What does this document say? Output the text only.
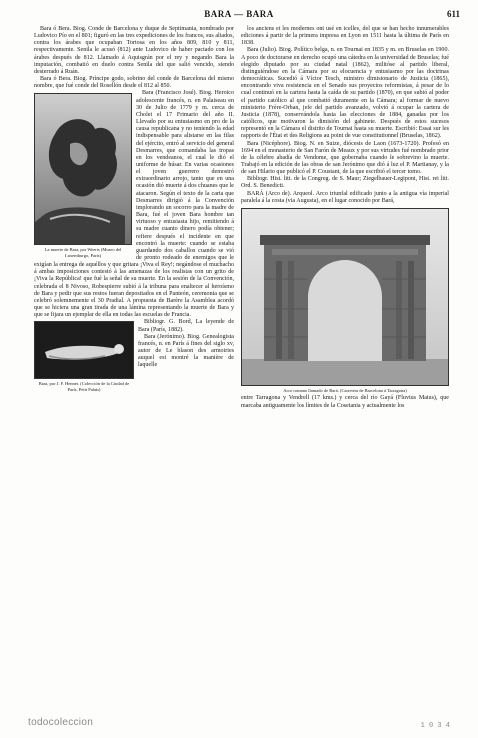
BARA — BARA	611

Bara ó Bera. Biog. Conde de Barcelona y duque de Septimania, nombrado por Ludovico Pío en el 801; figuró en las tres expediciones de los francos, sus aliados, contra los árabes que ocupaban Tortosa en los años 809, 810 y 811, respectivamente. Senila le acusó (812) ante Ludovico de haber pactado con los árabes después de 812. Llamado á Aquisgrán por el rey y negando Bara la imputación, combatió en duelo contra Senila del que salió vencido, siendo desterrado á Ruán.

Bara ó Bera. Biog. Príncipe godo, sobrino del conde de Barcelona del mismo nombre, que fué conde del Rosellón desde el 812 al 850.

La muerte de Bara, por Weerts (Museo del Luxemburgo, París)

Bara (Francisco José). Biog. Heroico adolescente francés, n. en Palaiseau en 30 de Julio de 1779 y m. cerca de Cholet el 17 Frimario del año II. Llevado por su entusiasmo en pro de la causa republicana y no teniendo la edad indispensable para alistarse en las filas del ejército, entró al servicio del general Desmarres, que comandaba las tropas en los vendeanos, el cual le dió el uniforme de húsar. En varias ocasiones el joven guerrero demostró extraordinario arrojo, tanto que en una ocasión dió muerte á dos chuanes que le atacaron. Según el texto de la carta que Desmarres dirigió á la Convención implorando un socorro para la madre de Bara, fué el joven Bara hombre tan virtuoso y entusiasta hijo, remitiendo á su madre cuanto dinero podía obtener; refiere después el incidente en que encontró la muerte: cuando se estaba guardando dos caballos cuando se vió de pronto rodeado de enemigos que le exigían la entrega de aquéllos y que gritara ¡Viva el Rey!; negándose el muchacho á ambas imposiciones contestó á las amenazas de los realistas con un grito de ¡Viva la República! que fué la señal de su muerte. En la sesión de la Convención, celebrada el 8 Nivoso, Robespierre subió á la tribuna para enaltecer al heroísmo de Bara y pedir que sus restos fueran depositados en el Panteón, ceremonia que se celebró solemnemente el 30 Pradial. A propuesta de Barère la Asamblea acordó que se hiciera una gran tirada de una lámina representando la muerte de Bara y que se fijara un ejemplar de ella en todas las escuelas de Francia.

Bara, por J. F. Hennet. (Colección de la Ciudad de París. Petit Palais)

Bibliogr. G. Bord, La leyende de Bara (París, 1882).

Bara (Jerónimo). Biog. Genealogista francés, n. en París á fines del siglo xv, autor de Le blason des armoiries auquel est montré la manière de laquelle

los anciens et les modernes ont usé en icelles, del que se han hecho innumerables ediciones á partir de la primera impresa en Lyon en 1511 hasta la última de París en 1838.

Bara (Julio). Biog. Político belga, n. en Tournai en 1835 y m. en Bruselas en 1900. A poco de doctorarse en derecho ocupó una cátedra en la universidad de Bruselas; fué elegido diputado por su ciudad natal (1862), militóse al partido liberal, distinguiéndose en la Cámara por su elocuencia y entusiasmo por las doctrinas democráticas. Sucedió á Víctor Tesch, ministro dimisionario de Justicia (1865), encontrando viva resistencia en el Senado sus proyectos reformistas, á pesar de lo cual continuó en la cartera hasta la caída de su partido (1870), en que subió al poder el partido católico al que combatió duramente en la Cámara; al formar de nuevo ministerio Frère-Orban, jefe del partido avanzado, volvió á ocupar la cartera de Justicia (1878), conservándola hasta las elecciones de 1884, ganadas por los católicos, que motivaron la dimisión del gabinete. Después de estos sucesos representó en la Cámara el distrito de Tournai hasta su muerte. Escribió: Essai sur les rapports de l'État et des Religions au point de vue constitutionnel (Bruselas, 1862).

Bara (Nicéphore). Biog. N. en Suize, diócesis de Laon (1673-1720). Profesó en 1694 en el monasterio de San Farón de Meaux y por sus virtudes fué nombrado prior de la célebre abadía de Vendome, que gobernaba cuando le sobrevino la muerte. Trabajó en la edición de las obras de san Jerónimo que dió á luz el P. Martianay, y la de san Hilario que publicó el P. Coustant, de la que escribió el tercer tomo.

Bibliogr. Hist. litt. de la Congreg. de S. Maur; Ziegelbauer-Legipont, Hist. rei litt. Ord. S. Benedicti.

BARÁ (Arco de). Arqueol. Arco triunfal edificado junto a la antigua vía imperial paralela á la costa (via Augusta), en el lugar conocido por Bará,

Arco romano llamado de Bará. (Carretera de Barcelona á Tarragona)

entre Tarragona y Vendrell (17 kms.) y cerca del río Gayá (Fluvius Maius), que marcaba antiguamente los límites de la Cosetania y actualmente los

todocoleccion	1 0 3 4
